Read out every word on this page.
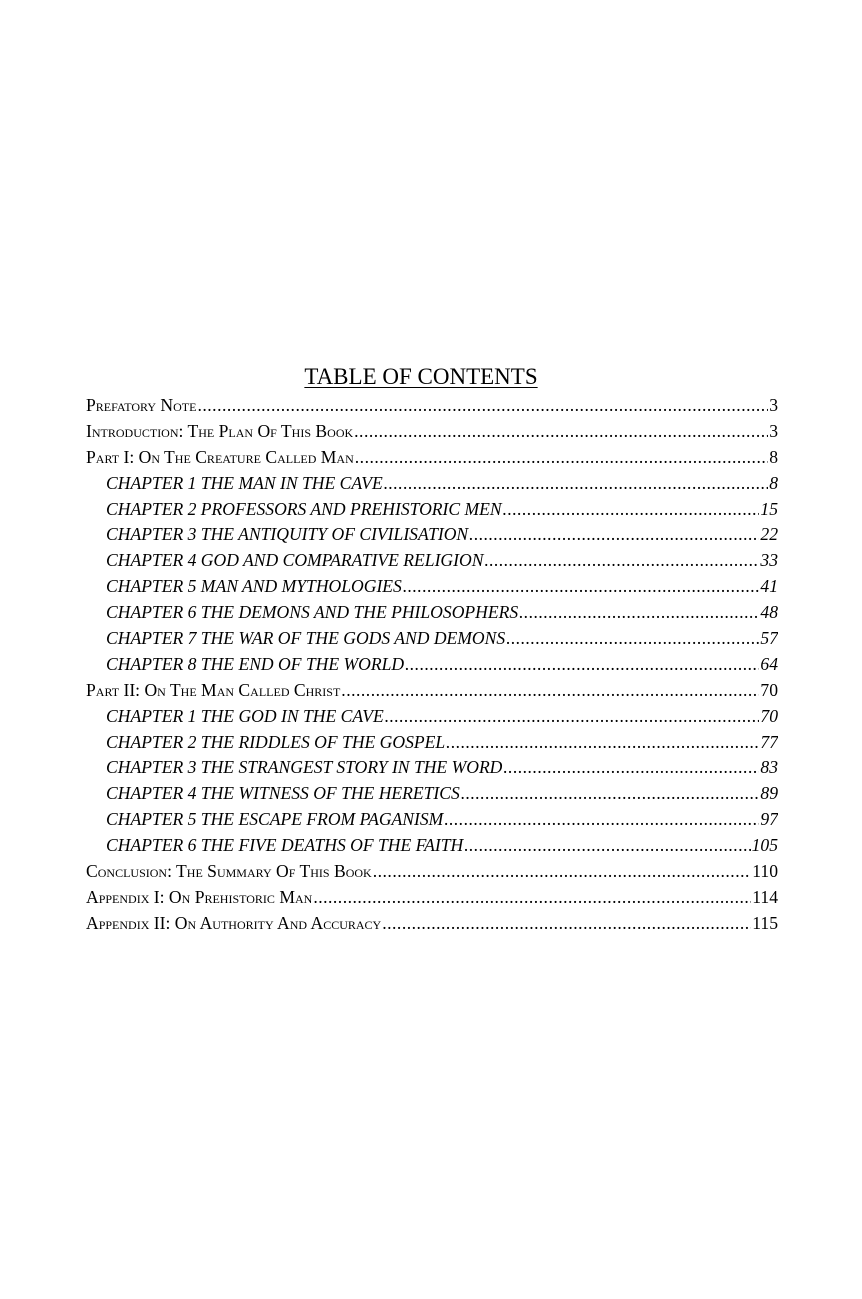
TABLE OF CONTENTS
Prefatory Note .....	3
Introduction: The Plan Of This Book .....	3
Part I: On The Creature Called Man .....	8
CHAPTER 1 THE MAN IN THE CAVE .....	8
CHAPTER 2 PROFESSORS AND PREHISTORIC MEN .....	15
CHAPTER 3 THE ANTIQUITY OF CIVILISATION .....	22
CHAPTER 4 GOD AND COMPARATIVE RELIGION .....	33
CHAPTER 5 MAN AND MYTHOLOGIES .....	41
CHAPTER 6 THE DEMONS AND THE PHILOSOPHERS .....	48
CHAPTER 7 THE WAR OF THE GODS AND DEMONS .....	57
CHAPTER 8 THE END OF THE WORLD .....	64
Part II: On The Man Called Christ .....	70
CHAPTER 1 THE GOD IN THE CAVE .....	70
CHAPTER 2 THE RIDDLES OF THE GOSPEL .....	77
CHAPTER 3 THE STRANGEST STORY IN THE WORD .....	83
CHAPTER 4 THE WITNESS OF THE HERETICS .....	89
CHAPTER 5 THE ESCAPE FROM PAGANISM .....	97
CHAPTER 6 THE FIVE DEATHS OF THE FAITH .....	105
Conclusion: The Summary Of This Book .....	110
Appendix I: On Prehistoric Man .....	114
Appendix II: On Authority And Accuracy .....	115
